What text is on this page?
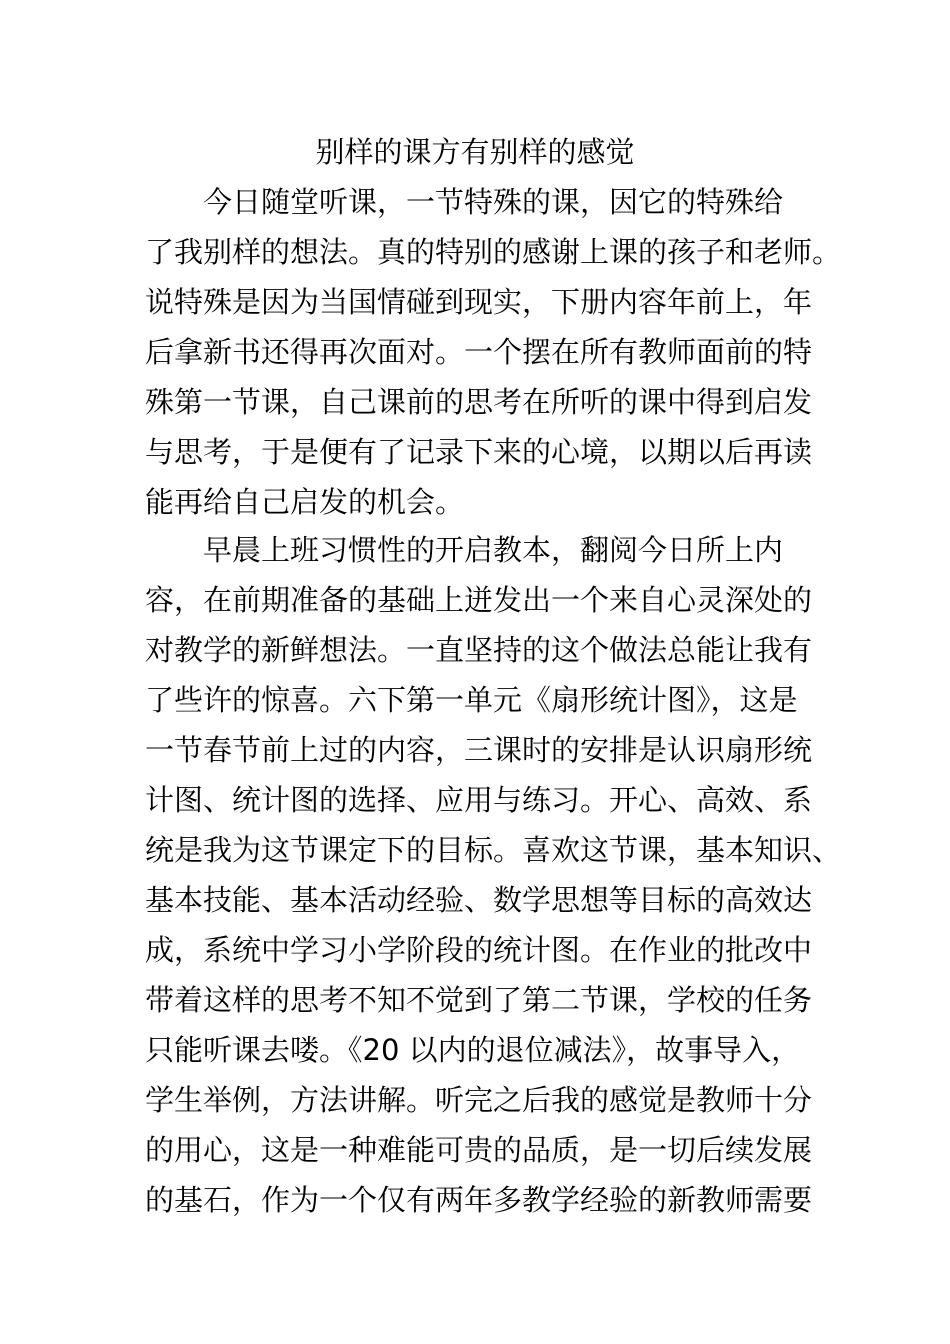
别样的课方有别样的感觉
今日随堂听课，一节特殊的课，因它的特殊给
了我别样的想法。真的特别的感谢上课的孩子和老师。
说特殊是因为当国情碰到现实，下册内容年前上，年
后拿新书还得再次面对。一个摆在所有教师面前的特
殊第一节课，自己课前的思考在所听的课中得到启发
与思考，于是便有了记录下来的心境，以期以后再读
能再给自己启发的机会。
早晨上班习惯性的开启教本，翻阅今日所上内
容，在前期准备的基础上迸发出一个来自心灵深处的
对教学的新鲜想法。一直坚持的这个做法总能让我有
了些许的惊喜。六下第一单元《扇形统计图》，这是
一节春节前上过的内容，三课时的安排是认识扇形统
计图、统计图的选择、应用与练习。开心、高效、系
统是我为这节课定下的目标。喜欢这节课，基本知识、
基本技能、基本活动经验、数学思想等目标的高效达
成，系统中学习小学阶段的统计图。在作业的批改中
带着这样的思考不知不觉到了第二节课，学校的任务
只能听课去喽。《20 以内的退位减法》，故事导入，
学生举例，方法讲解。听完之后我的感觉是教师十分
的用心，这是一种难能可贵的品质，是一切后续发展
的基石，作为一个仅有两年多教学经验的新教师需要
